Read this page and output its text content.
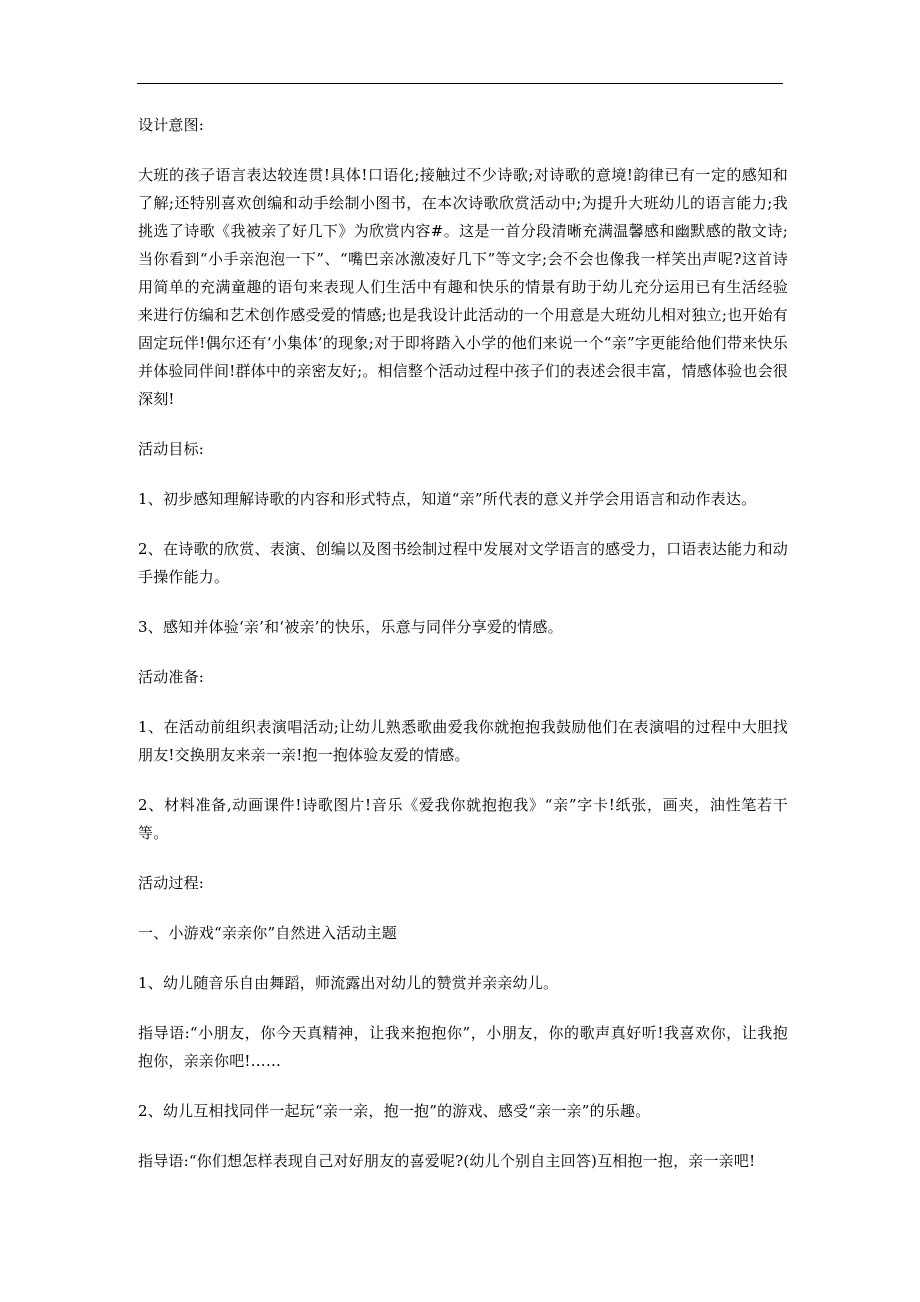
设计意图:

大班的孩子语言表达较连贯!具体!口语化;接触过不少诗歌;对诗歌的意境!韵律已有一定的感知和了解;还特别喜欢创编和动手绘制小图书，在本次诗歌欣赏活动中;为提升大班幼儿的语言能力;我挑选了诗歌《我被亲了好几下》为欣赏内容#。这是一首分段清晰充满温馨感和幽默感的散文诗;当你看到“小手亲泡泡一下”、“嘴巴亲冰激凌好几下”等文字;会不会也像我一样笑出声呢?这首诗用简单的充满童趣的语句来表现人们生活中有趣和快乐的情景有助于幼儿充分运用已有生活经验来进行仿编和艺术创作感受爱的情感;也是我设计此活动的一个用意是大班幼儿相对独立;也开始有固定玩伴!偶尔还有‘小集体’的现象;对于即将踏入小学的他们来说一个“亲”字更能给他们带来快乐并体验同伴间!群体中的亲密友好;。相信整个活动过程中孩子们的表述会很丰富，情感体验也会很深刻!

活动目标:

1、初步感知理解诗歌的内容和形式特点，知道“亲”所代表的意义并学会用语言和动作表达。

2、在诗歌的欣赏、表演、创编以及图书绘制过程中发展对文学语言的感受力，口语表达能力和动手操作能力。

3、感知并体验‘亲’和‘被亲’的快乐，乐意与同伴分享爱的情感。

活动准备:

1、在活动前组织表演唱活动;让幼儿熟悉歌曲爱我你就抱抱我鼓励他们在表演唱的过程中大胆找朋友!交换朋友来亲一亲!抱一抱体验友爱的情感。

2、材料准备,动画课件!诗歌图片!音乐《爱我你就抱抱我》“亲”字卡!纸张，画夹，油性笔若干等。

活动过程:

一、小游戏“亲亲你”自然进入活动主题

1、幼儿随音乐自由舞蹈，师流露出对幼儿的赞赏并亲亲幼儿。

指导语:“小朋友，你今天真精神，让我来抱抱你”，小朋友，你的歌声真好听!我喜欢你，让我抱抱你，亲亲你吧!……

2、幼儿互相找同伴一起玩“亲一亲，抱一抱”的游戏、感受“亲一亲”的乐趣。

指导语:“你们想怎样表现自己对好朋友的喜爱呢?(幼儿个别自主回答)互相抱一抱，亲一亲吧!
